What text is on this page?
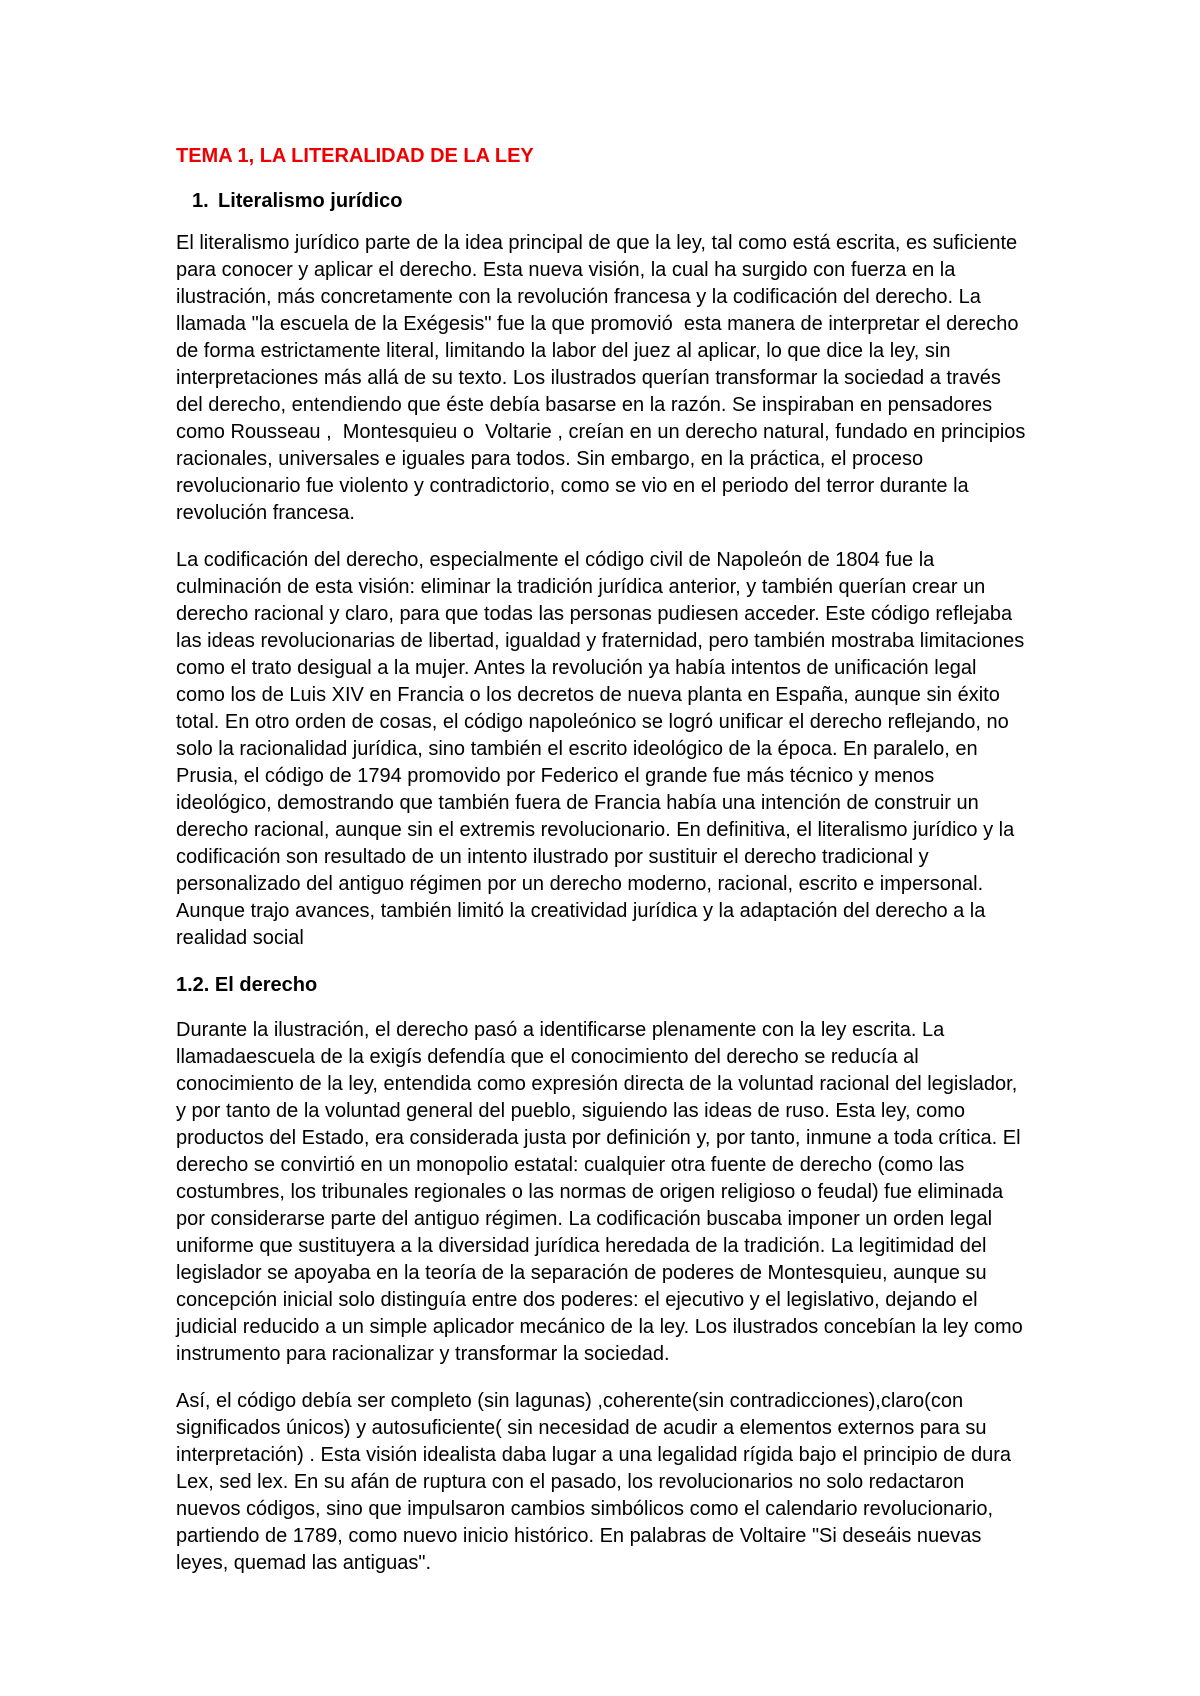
TEMA 1, LA LITERALIDAD DE LA LEY

1.

Literalismo jurídico

El literalismo jurídico parte de la idea principal de que la ley, tal como está escrita, es suficiente
para conocer y aplicar el derecho. Esta nueva visión, la cual ha surgido con fuerza en la
ilustración, más concretamente con la revolución francesa y la codificación del derecho. La
llamada "la escuela de la Exégesis" fue la que promovió  esta manera de interpretar el derecho
de forma estrictamente literal, limitando la labor del juez al aplicar, lo que dice la ley, sin
interpretaciones más allá de su texto. Los ilustrados querían transformar la sociedad a través
del derecho, entendiendo que éste debía basarse en la razón. Se inspiraban en pensadores
como Rousseau ,  Montesquieu o  Voltarie , creían en un derecho natural, fundado en principios
racionales, universales e iguales para todos. Sin embargo, en la práctica, el proceso
revolucionario fue violento y contradictorio, como se vio en el periodo del terror durante la
revolución francesa.
La codificación del derecho, especialmente el código civil de Napoleón de 1804 fue la
culminación de esta visión: eliminar la tradición jurídica anterior, y también querían crear un
derecho racional y claro, para que todas las personas pudiesen acceder. Este código reflejaba
las ideas revolucionarias de libertad, igualdad y fraternidad, pero también mostraba limitaciones
como el trato desigual a la mujer. Antes la revolución ya había intentos de unificación legal
como los de Luis XIV en Francia o los decretos de nueva planta en España, aunque sin éxito
total. En otro orden de cosas, el código napoleónico se logró unificar el derecho reflejando, no
solo la racionalidad jurídica, sino también el escrito ideológico de la época. En paralelo, en
Prusia, el código de 1794 promovido por Federico el grande fue más técnico y menos
ideológico, demostrando que también fuera de Francia había una intención de construir un
derecho racional, aunque sin el extremis revolucionario. En definitiva, el literalismo jurídico y la
codificación son resultado de un intento ilustrado por sustituir el derecho tradicional y
personalizado del antiguo régimen por un derecho moderno, racional, escrito e impersonal.
Aunque trajo avances, también limitó la creatividad jurídica y la adaptación del derecho a la
realidad social
1.2. El derecho
Durante la ilustración, el derecho pasó a identificarse plenamente con la ley escrita. La
llamadaescuela de la exigís defendía que el conocimiento del derecho se reducía al
conocimiento de la ley, entendida como expresión directa de la voluntad racional del legislador,
y por tanto de la voluntad general del pueblo, siguiendo las ideas de ruso. Esta ley, como
productos del Estado, era considerada justa por definición y, por tanto, inmune a toda crítica. El
derecho se convirtió en un monopolio estatal: cualquier otra fuente de derecho (como las
costumbres, los tribunales regionales o las normas de origen religioso o feudal) fue eliminada
por considerarse parte del antiguo régimen. La codificación buscaba imponer un orden legal
uniforme que sustituyera a la diversidad jurídica heredada de la tradición. La legitimidad del
legislador se apoyaba en la teoría de la separación de poderes de Montesquieu, aunque su
concepción inicial solo distinguía entre dos poderes: el ejecutivo y el legislativo, dejando el
judicial reducido a un simple aplicador mecánico de la ley. Los ilustrados concebían la ley como
instrumento para racionalizar y transformar la sociedad.
Así, el código debía ser completo (sin lagunas) ,coherente(sin contradicciones),claro(con
significados únicos) y autosuficiente( sin necesidad de acudir a elementos externos para su
interpretación) . Esta visión idealista daba lugar a una legalidad rígida bajo el principio de dura
Lex, sed lex. En su afán de ruptura con el pasado, los revolucionarios no solo redactaron
nuevos códigos, sino que impulsaron cambios simbólicos como el calendario revolucionario,
partiendo de 1789, como nuevo inicio histórico. En palabras de Voltaire "Si deseáis nuevas
leyes, quemad las antiguas".
